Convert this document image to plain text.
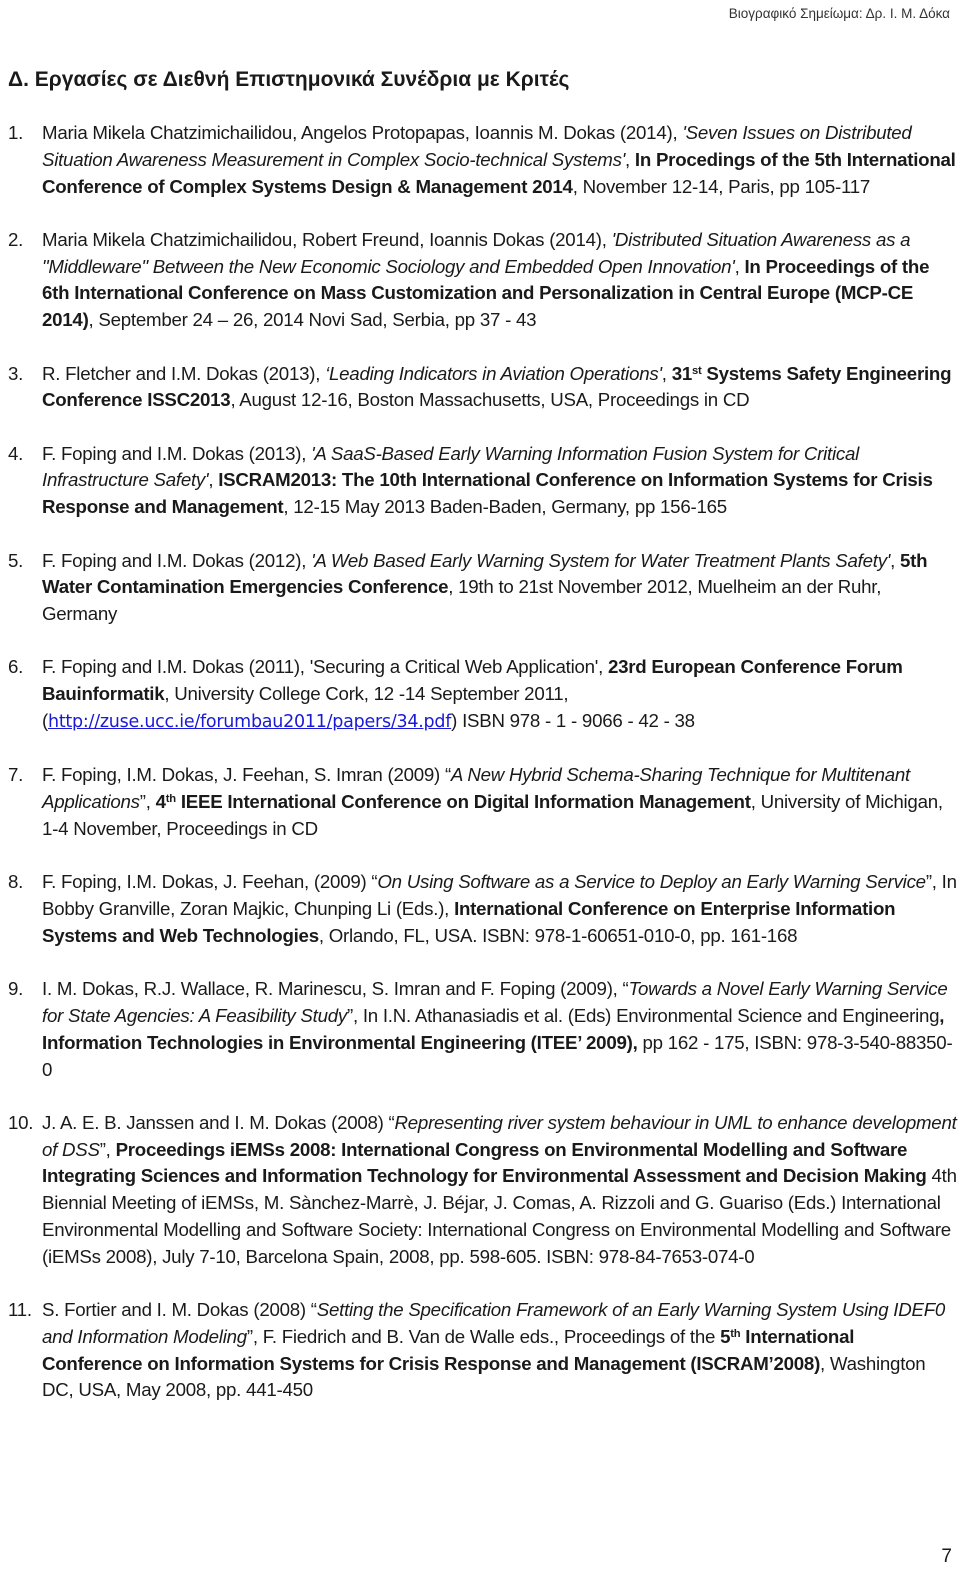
Βιογραφικό Σημείωμα: Δρ. Ι. Μ. Δόκα
Δ. Εργασίες σε Διεθνή Επιστημονικά Συνέδρια με Κριτές
1.	Maria Mikela Chatzimichailidou, Angelos Protopapas, Ioannis M. Dokas (2014), 'Seven Issues on Distributed Situation Awareness Measurement in Complex Socio-technical Systems', In Procedings of the 5th International Conference of Complex Systems Design & Management 2014, November 12-14, Paris, pp 105-117
2.	Maria Mikela Chatzimichailidou, Robert Freund, Ioannis Dokas (2014), 'Distributed Situation Awareness as a "Middleware" Between the New Economic Sociology and Embedded Open Innovation', In Proceedings of the 6th International Conference on Mass Customization and Personalization in Central Europe (MCP-CE 2014), September 24 – 26, 2014 Novi Sad, Serbia, pp 37 - 43
3.	R. Fletcher and I.M. Dokas (2013), ‘Leading Indicators in Aviation Operations', 31st Systems Safety Engineering Conference ISSC2013, August 12-16, Boston Massachusetts, USA, Proceedings in CD
4.	F. Foping and I.M. Dokas (2013), 'A SaaS-Based Early Warning Information Fusion System for Critical Infrastructure Safety', ISCRAM2013: The 10th International Conference on Information Systems for Crisis Response and Management, 12-15 May 2013 Baden-Baden, Germany, pp 156-165
5.	F. Foping and I.M. Dokas (2012), 'A Web Based Early Warning System for Water Treatment Plants Safety', 5th Water Contamination Emergencies Conference, 19th to 21st November 2012, Muelheim an der Ruhr, Germany
6.	F. Foping and I.M. Dokas (2011), 'Securing a Critical Web Application', 23rd European Conference Forum Bauinformatik, University College Cork, 12 -14 September 2011, (http://zuse.ucc.ie/forumbau2011/papers/34.pdf) ISBN 978 - 1 - 9066 - 42 - 38
7.	F. Foping, I.M. Dokas, J. Feehan, S. Imran (2009) “A New Hybrid Schema-Sharing Technique for Multitenant Applications”, 4th IEEE International Conference on Digital Information Management, University of Michigan, 1-4 November, Proceedings in CD
8.	F. Foping, I.M. Dokas, J. Feehan, (2009) “On Using Software as a Service to Deploy an Early Warning Service”, In Bobby Granville, Zoran Majkic, Chunping Li (Eds.), International Conference on Enterprise Information Systems and Web Technologies, Orlando, FL, USA. ISBN: 978-1-60651-010-0, pp. 161-168
9.	I. M. Dokas, R.J. Wallace, R. Marinescu, S. Imran and F. Foping (2009), “Towards a Novel Early Warning Service for State Agencies: A Feasibility Study”, In I.N. Athanasiadis et al. (Eds) Environmental Science and Engineering, Information Technologies in Environmental Engineering (ITEE’ 2009), pp 162 - 175, ISBN: 978-3-540-88350-0
10. J. A. E. B. Janssen and I. M. Dokas (2008) “Representing river system behaviour in UML to enhance development of DSS”, Proceedings iEMSs 2008: International Congress on Environmental Modelling and Software Integrating Sciences and Information Technology for Environmental Assessment and Decision Making 4th Biennial Meeting of iEMSs, M. Sànchez-Marrè, J. Béjar, J. Comas, A. Rizzoli and G. Guariso (Eds.) International Environmental Modelling and Software Society: International Congress on Environmental Modelling and Software (iEMSs 2008), July 7-10, Barcelona Spain, 2008, pp. 598-605. ISBN: 978-84-7653-074-0
11. S. Fortier and I. M. Dokas (2008) “Setting the Specification Framework of an Early Warning System Using IDEF0 and Information Modeling”, F. Fiedrich and B. Van de Walle eds., Proceedings of the 5th International Conference on Information Systems for Crisis Response and Management (ISCRAM’2008), Washington DC, USA, May 2008, pp. 441-450
7
